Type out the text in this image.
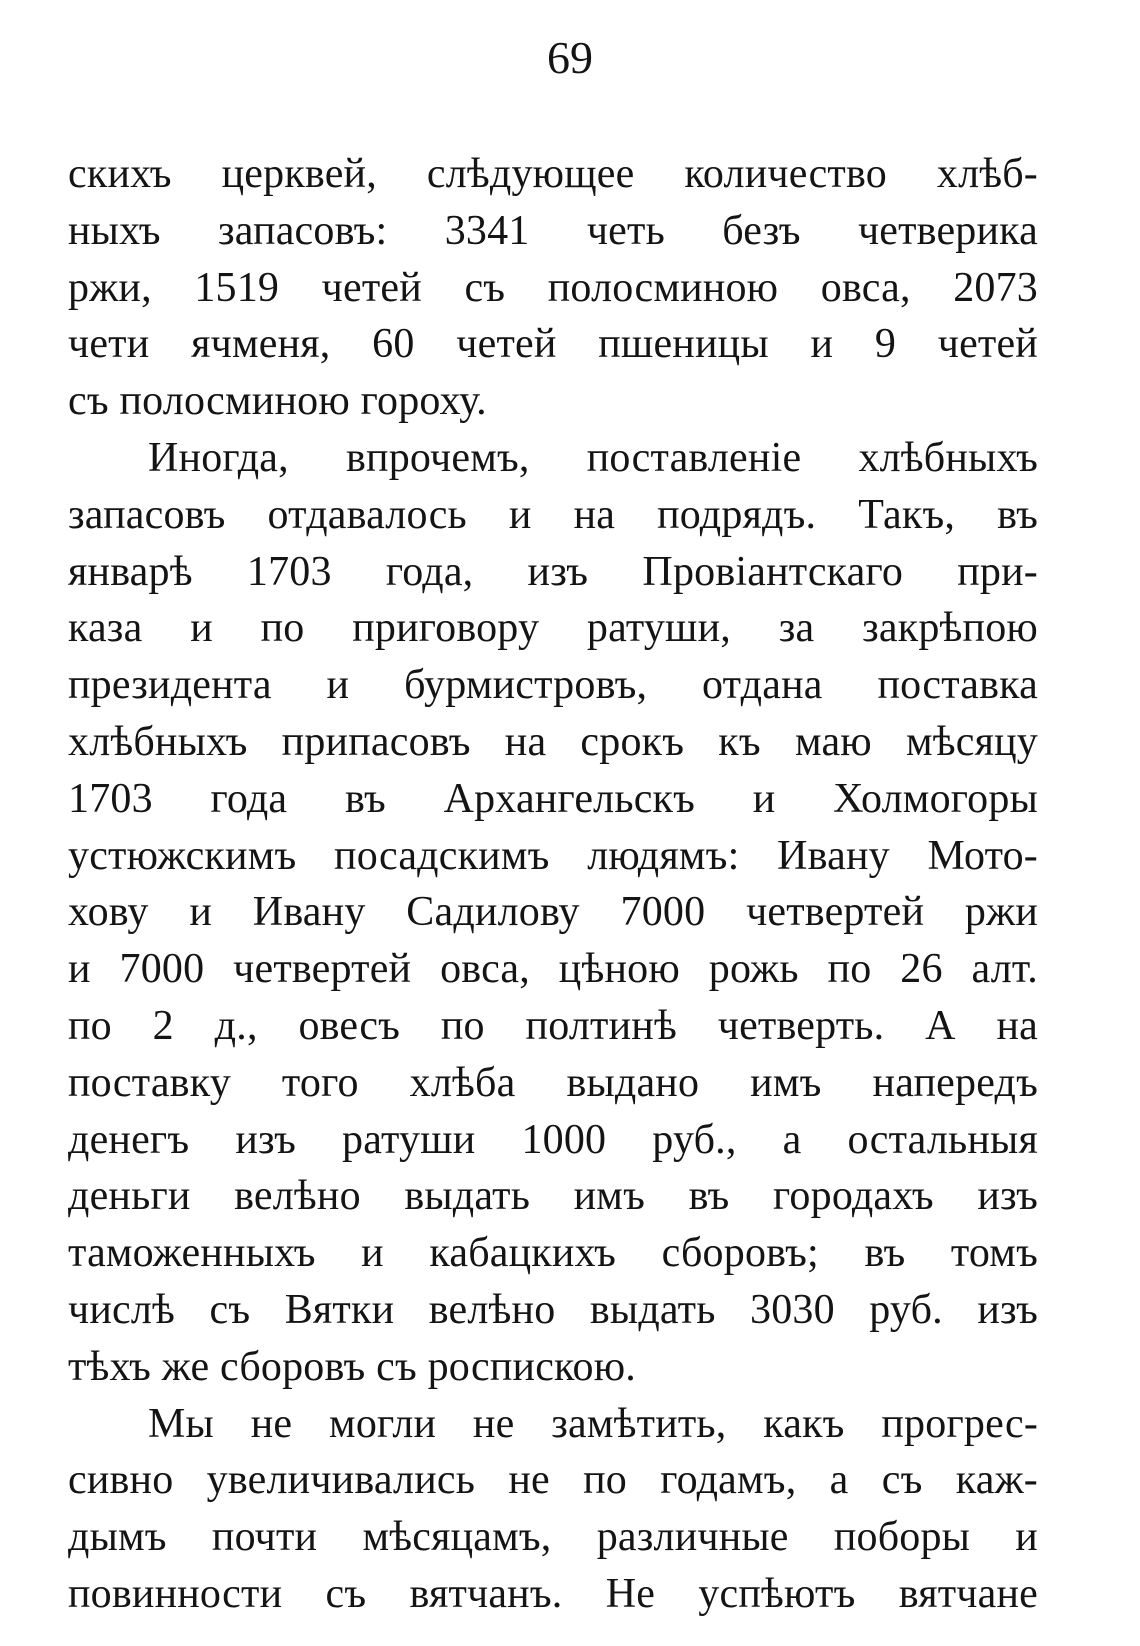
69
скихъ церквей, слѣдующее количество хлѣб-
ныхъ запасовъ: 3341 четь безъ четверика
ржи, 1519 четей съ полосминою овса, 2073
чети ячменя, 60 четей пшеницы и 9 четей
съ полосминою гороху.
Иногда, впрочемъ, поставленіе хлѣбныхъ
запасовъ отдавалось и на подрядъ. Такъ, въ
январѣ 1703 года, изъ Провіантскаго при-
каза и по приговору ратуши, за закрѣпою
президента и бурмистровъ, отдана поставка
хлѣбныхъ припасовъ на срокъ къ маю мѣсяцу
1703 года въ Архангельскъ и Холмогоры
устюжскимъ посадскимъ людямъ: Ивану Мото-
хову и Ивану Садилову 7000 четвертей ржи
и 7000 четвертей овса, цѣною рожь по 26 алт.
по 2 д., овесъ по полтинѣ четверть. А на
поставку того хлѣба выдано имъ напередъ
денегъ изъ ратуши 1000 руб., а остальныя
деньги велѣно выдать имъ въ городахъ изъ
таможенныхъ и кабацкихъ сборовъ; въ томъ
числѣ съ Вятки велѣно выдать 3030 руб. изъ
тѣхъ же сборовъ съ роспискою.
Мы не могли не замѣтить, какъ прогрес-
сивно увеличивались не по годамъ, а съ каж-
дымъ почти мѣсяцамъ, различные поборы и
повинности съ вятчанъ. Не успѣютъ вятчане
